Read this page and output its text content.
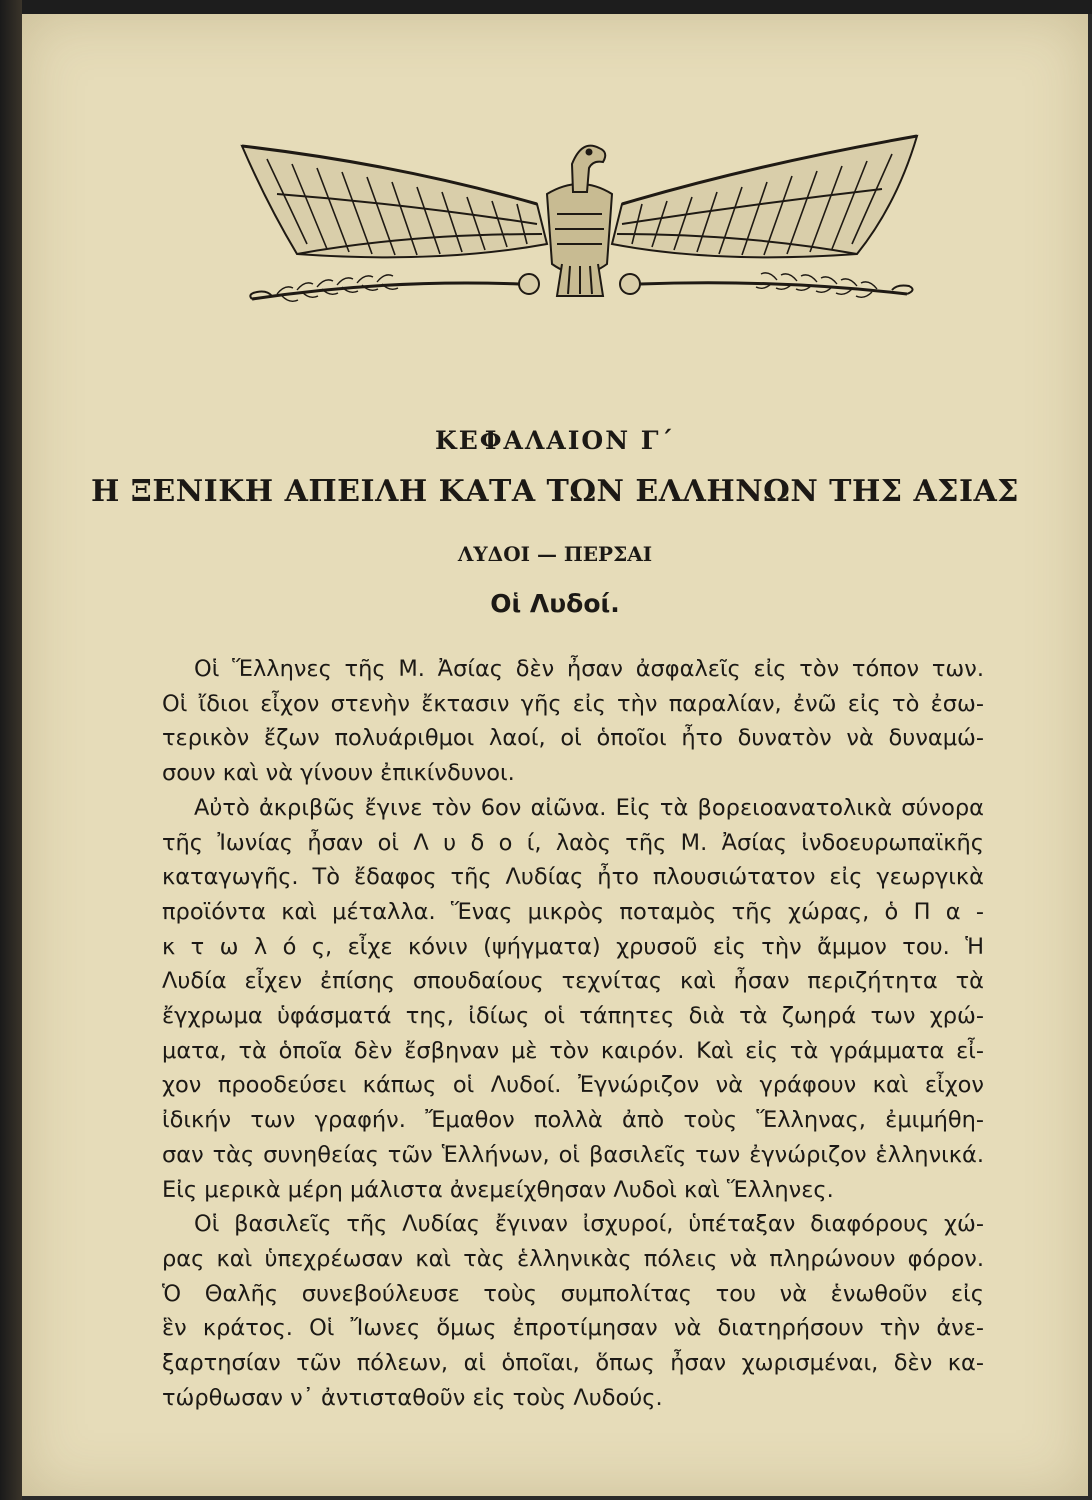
ΚΕΦΑΛΑΙΟΝ Γ΄
Η ΞΕΝΙΚΗ ΑΠΕΙΛΗ ΚΑΤΑ ΤΩΝ ΕΛΛΗΝΩΝ ΤΗΣ ΑΣΙΑΣ
ΛΥΔΟΙ — ΠΕΡΣΑΙ
Οἱ Λυδοί.
Οἱ Ἕλληνες τῆς Μ. Ἀσίας δὲν ἦσαν ἀσφαλεῖς εἰς τὸν τόπον των.
Οἱ ἴδιοι εἶχον στενὴν ἔκτασιν γῆς εἰς τὴν παραλίαν, ἐνῶ εἰς τὸ ἐσω-
τερικὸν ἔζων πολυάριθμοι λαοί, οἱ ὁποῖοι ἦτο δυνατὸν νὰ δυναμώ-
σουν καὶ νὰ γίνουν ἐπικίνδυνοι.
Αὐτὸ ἀκριβῶς ἔγινε τὸν 6ον αἰῶνα. Εἰς τὰ βορειοανατολικὰ σύνορα
τῆς Ἰωνίας ἦσαν οἱ Λ υ δ ο ί, λαὸς τῆς Μ. Ἀσίας ἰνδοευρωπαϊκῆς
καταγωγῆς. Τὸ ἔδαφος τῆς Λυδίας ἦτο πλουσιώτατον εἰς γεωργικὰ
προϊόντα καὶ μέταλλα. Ἕνας μικρὸς ποταμὸς τῆς χώρας, ὁ Π α -
κ τ ω λ ό ς, εἶχε κόνιν (ψήγματα) χρυσοῦ εἰς τὴν ἄμμον του. Ἡ
Λυδία εἶχεν ἐπίσης σπουδαίους τεχνίτας καὶ ἦσαν περιζήτητα τὰ
ἔγχρωμα ὑφάσματά της, ἰδίως οἱ τάπητες διὰ τὰ ζωηρά των χρώ-
ματα, τὰ ὁποῖα δὲν ἔσβηναν μὲ τὸν καιρόν. Καὶ εἰς τὰ γράμματα εἶ-
χον προοδεύσει κάπως οἱ Λυδοί. Ἐγνώριζον νὰ γράφουν καὶ εἶχον
ἰδικήν των γραφήν. Ἔμαθον πολλὰ ἀπὸ τοὺς Ἕλληνας, ἐμιμήθη-
σαν τὰς συνηθείας τῶν Ἑλλήνων, οἱ βασιλεῖς των ἐγνώριζον ἑλληνικά.
Εἰς μερικὰ μέρη μάλιστα ἀνεμείχθησαν Λυδοὶ καὶ Ἕλληνες.
Οἱ βασιλεῖς τῆς Λυδίας ἔγιναν ἰσχυροί, ὑπέταξαν διαφόρους χώ-
ρας καὶ ὑπεχρέωσαν καὶ τὰς ἑλληνικὰς πόλεις νὰ πληρώνουν φόρον.
Ὁ Θαλῆς συνεβούλευσε τοὺς συμπολίτας του νὰ ἑνωθοῦν εἰς
ἓν κράτος. Οἱ Ἴωνες ὅμως ἐπροτίμησαν νὰ διατηρήσουν τὴν ἀνε-
ξαρτησίαν τῶν πόλεων, αἱ ὁποῖαι, ὅπως ἦσαν χωρισμέναι, δὲν κα-
τώρθωσαν ν᾿ ἀντισταθοῦν εἰς τοὺς Λυδούς.
